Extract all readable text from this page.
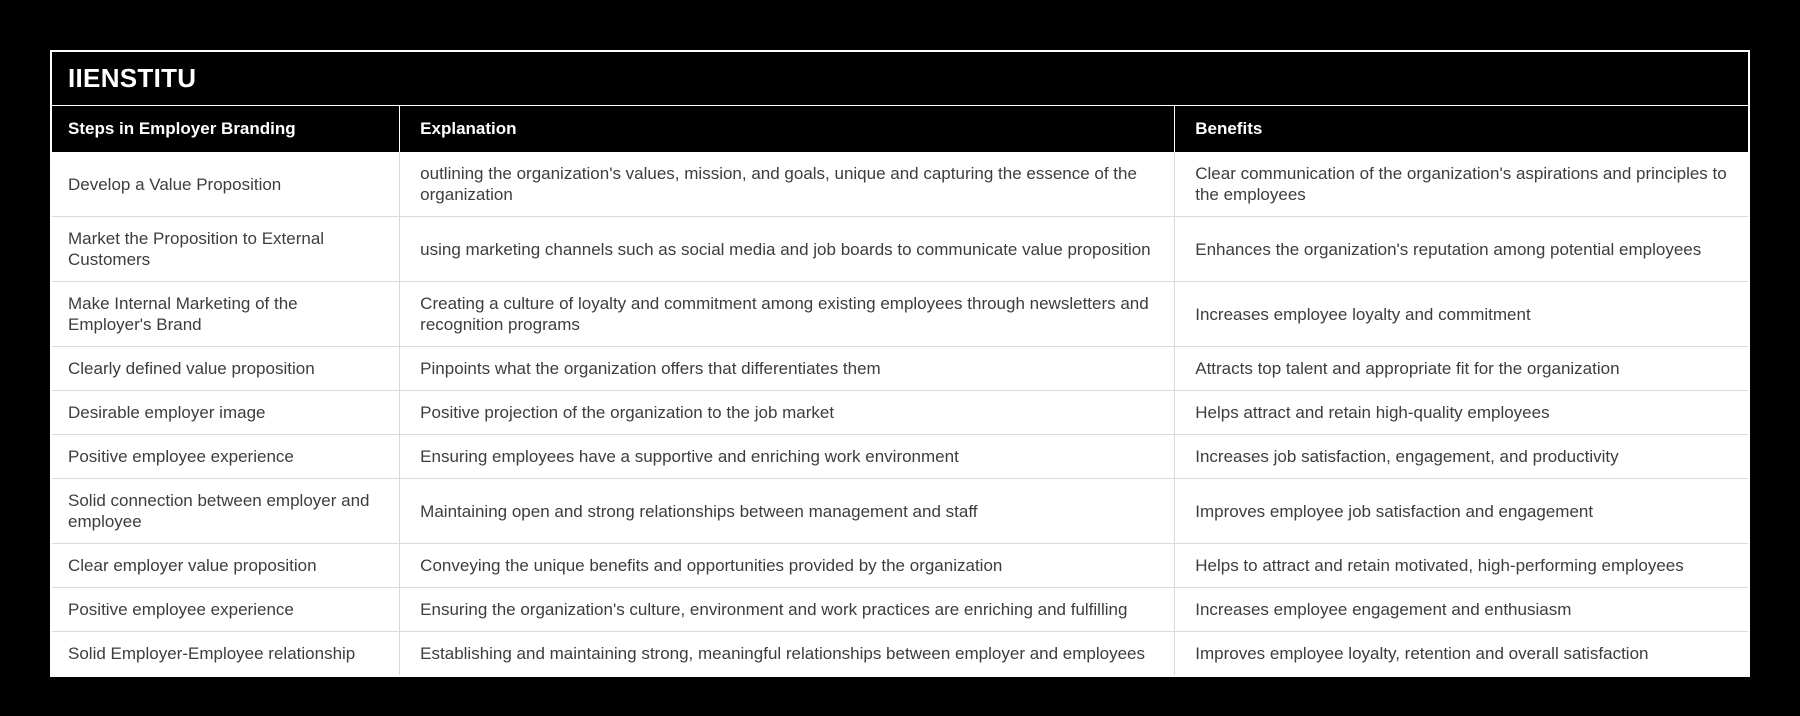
IIENSTITU
Steps in Employer Branding	Explanation	Benefits
Develop a Value Proposition	outlining the organization's values, mission, and goals, unique and capturing the essence of the organization	Clear communication of the organization's aspirations and principles to the employees
Market the Proposition to External Customers	using marketing channels such as social media and job boards to communicate value proposition	Enhances the organization's reputation among potential employees
Make Internal Marketing of the Employer's Brand	Creating a culture of loyalty and commitment among existing employees through newsletters and recognition programs	Increases employee loyalty and commitment
Clearly defined value proposition	Pinpoints what the organization offers that differentiates them	Attracts top talent and appropriate fit for the organization
Desirable employer image	Positive projection of the organization to the job market	Helps attract and retain high-quality employees
Positive employee experience	Ensuring employees have a supportive and enriching work environment	Increases job satisfaction, engagement, and productivity
Solid connection between employer and employee	Maintaining open and strong relationships between management and staff	Improves employee job satisfaction and engagement
Clear employer value proposition	Conveying the unique benefits and opportunities provided by the organization	Helps to attract and retain motivated, high-performing employees
Positive employee experience	Ensuring the organization's culture, environment and work practices are enriching and fulfilling	Increases employee engagement and enthusiasm
Solid Employer-Employee relationship	Establishing and maintaining strong, meaningful relationships between employer and employees	Improves employee loyalty, retention and overall satisfaction
